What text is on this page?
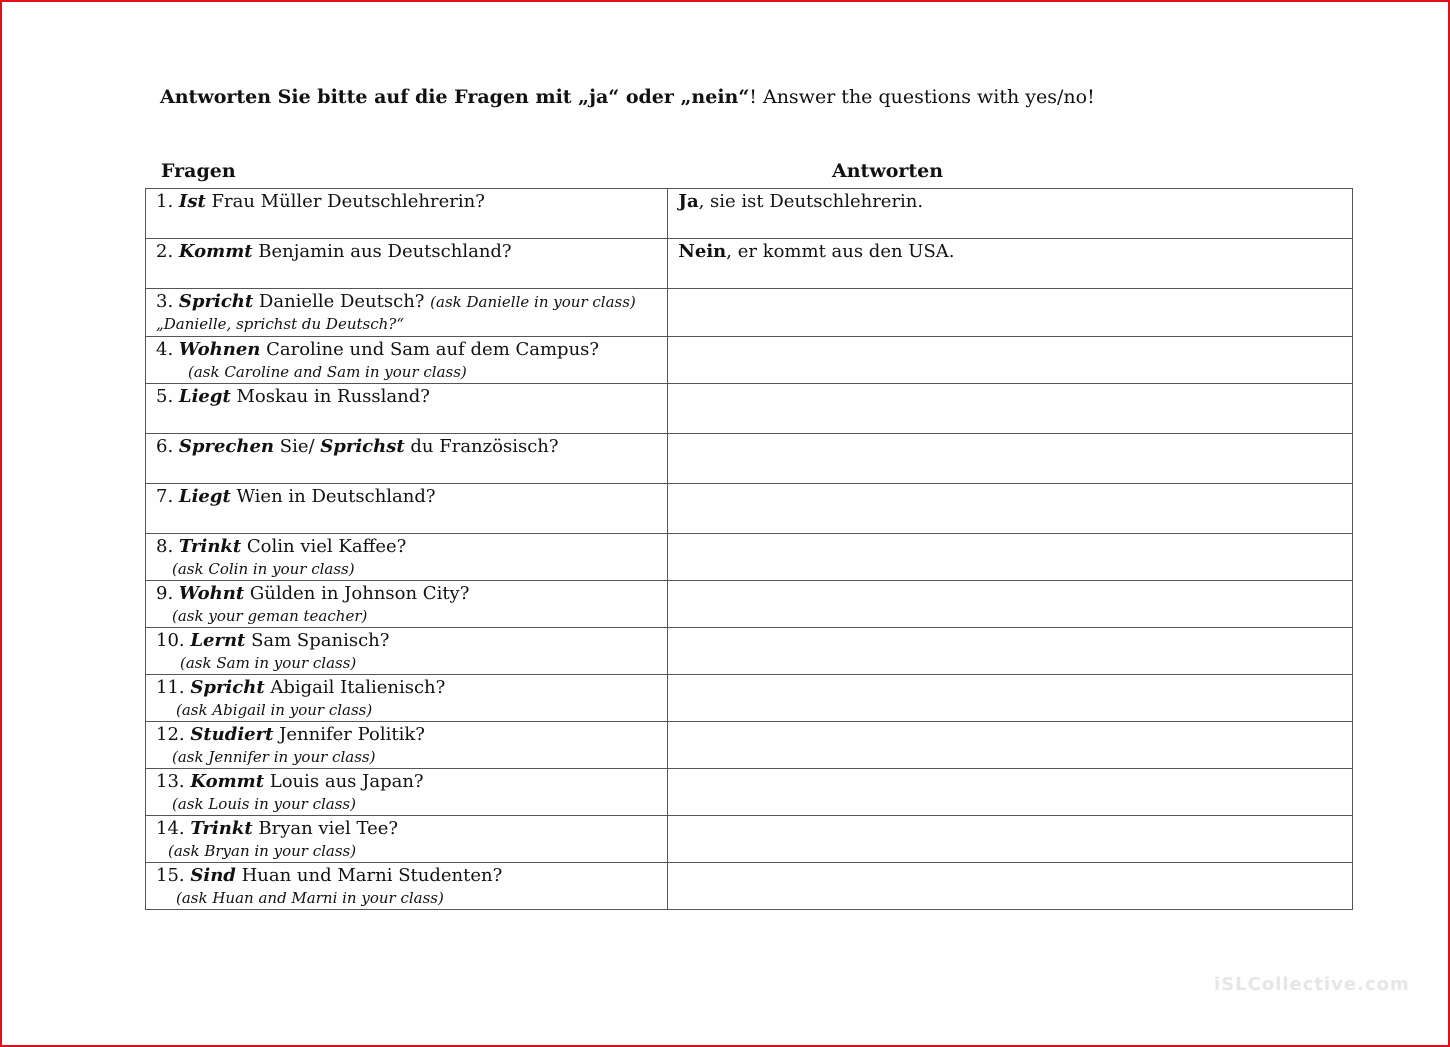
Antworten Sie bitte auf die Fragen mit „ja“ oder „nein“! Answer the questions with yes/no!
Fragen	Antworten
1. Ist Frau Müller Deutschlehrerin?	Ja, sie ist Deutschlehrerin.
2. Kommt Benjamin aus Deutschland?	Nein, er kommt aus den USA.
3. Spricht Danielle Deutsch? (ask Danielle in your class)
„Danielle, sprichst du Deutsch?“	

4. Wohnen Caroline und Sam auf dem Campus?
(ask Caroline and Sam in your class)	

5. Liegt Moskau in Russland?	
6. Sprechen Sie/ Sprichst du Französisch?	
7. Liegt Wien in Deutschland?	
8. Trinkt Colin viel Kaffee?
(ask Colin in your class)	

9. Wohnt Gülden in Johnson City?
(ask your geman teacher)	

10. Lernt Sam Spanisch?
(ask Sam in your class)	

11. Spricht Abigail Italienisch?
(ask Abigail in your class)	

12. Studiert Jennifer Politik?
(ask Jennifer in your class)	

13. Kommt Louis aus Japan?
(ask Louis in your class)	

14. Trinkt Bryan viel Tee?
(ask Bryan in your class)	

15. Sind Huan und Marni Studenten?
(ask Huan and Marni in your class)	

iSLCollective.com
